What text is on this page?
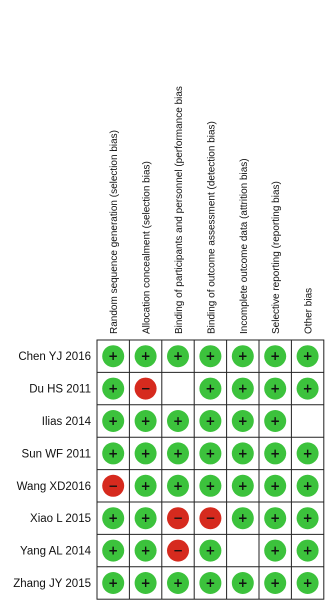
Random sequence generation (selection bias) Allocation concealment (selection bias) Binding of participants and personnel (performance bias Binding of outcome assessment (detection bias) Incomplete outcome data (attrition bias) Selective reporting (reporting bias) Other bias
Chen YJ 2016
Du HS 2011
Ilias 2014
Sun WF 2011
Wang XD2016
Xiao L 2015
Yang AL 2014
Zhang JY 2015
+ + + + + + +
+ −	+ + + +
+ + + + + +
+ + + + + + +
− + + + + + +
+ + − − + + +
+ + − +	+ +
+ + + + + + +
